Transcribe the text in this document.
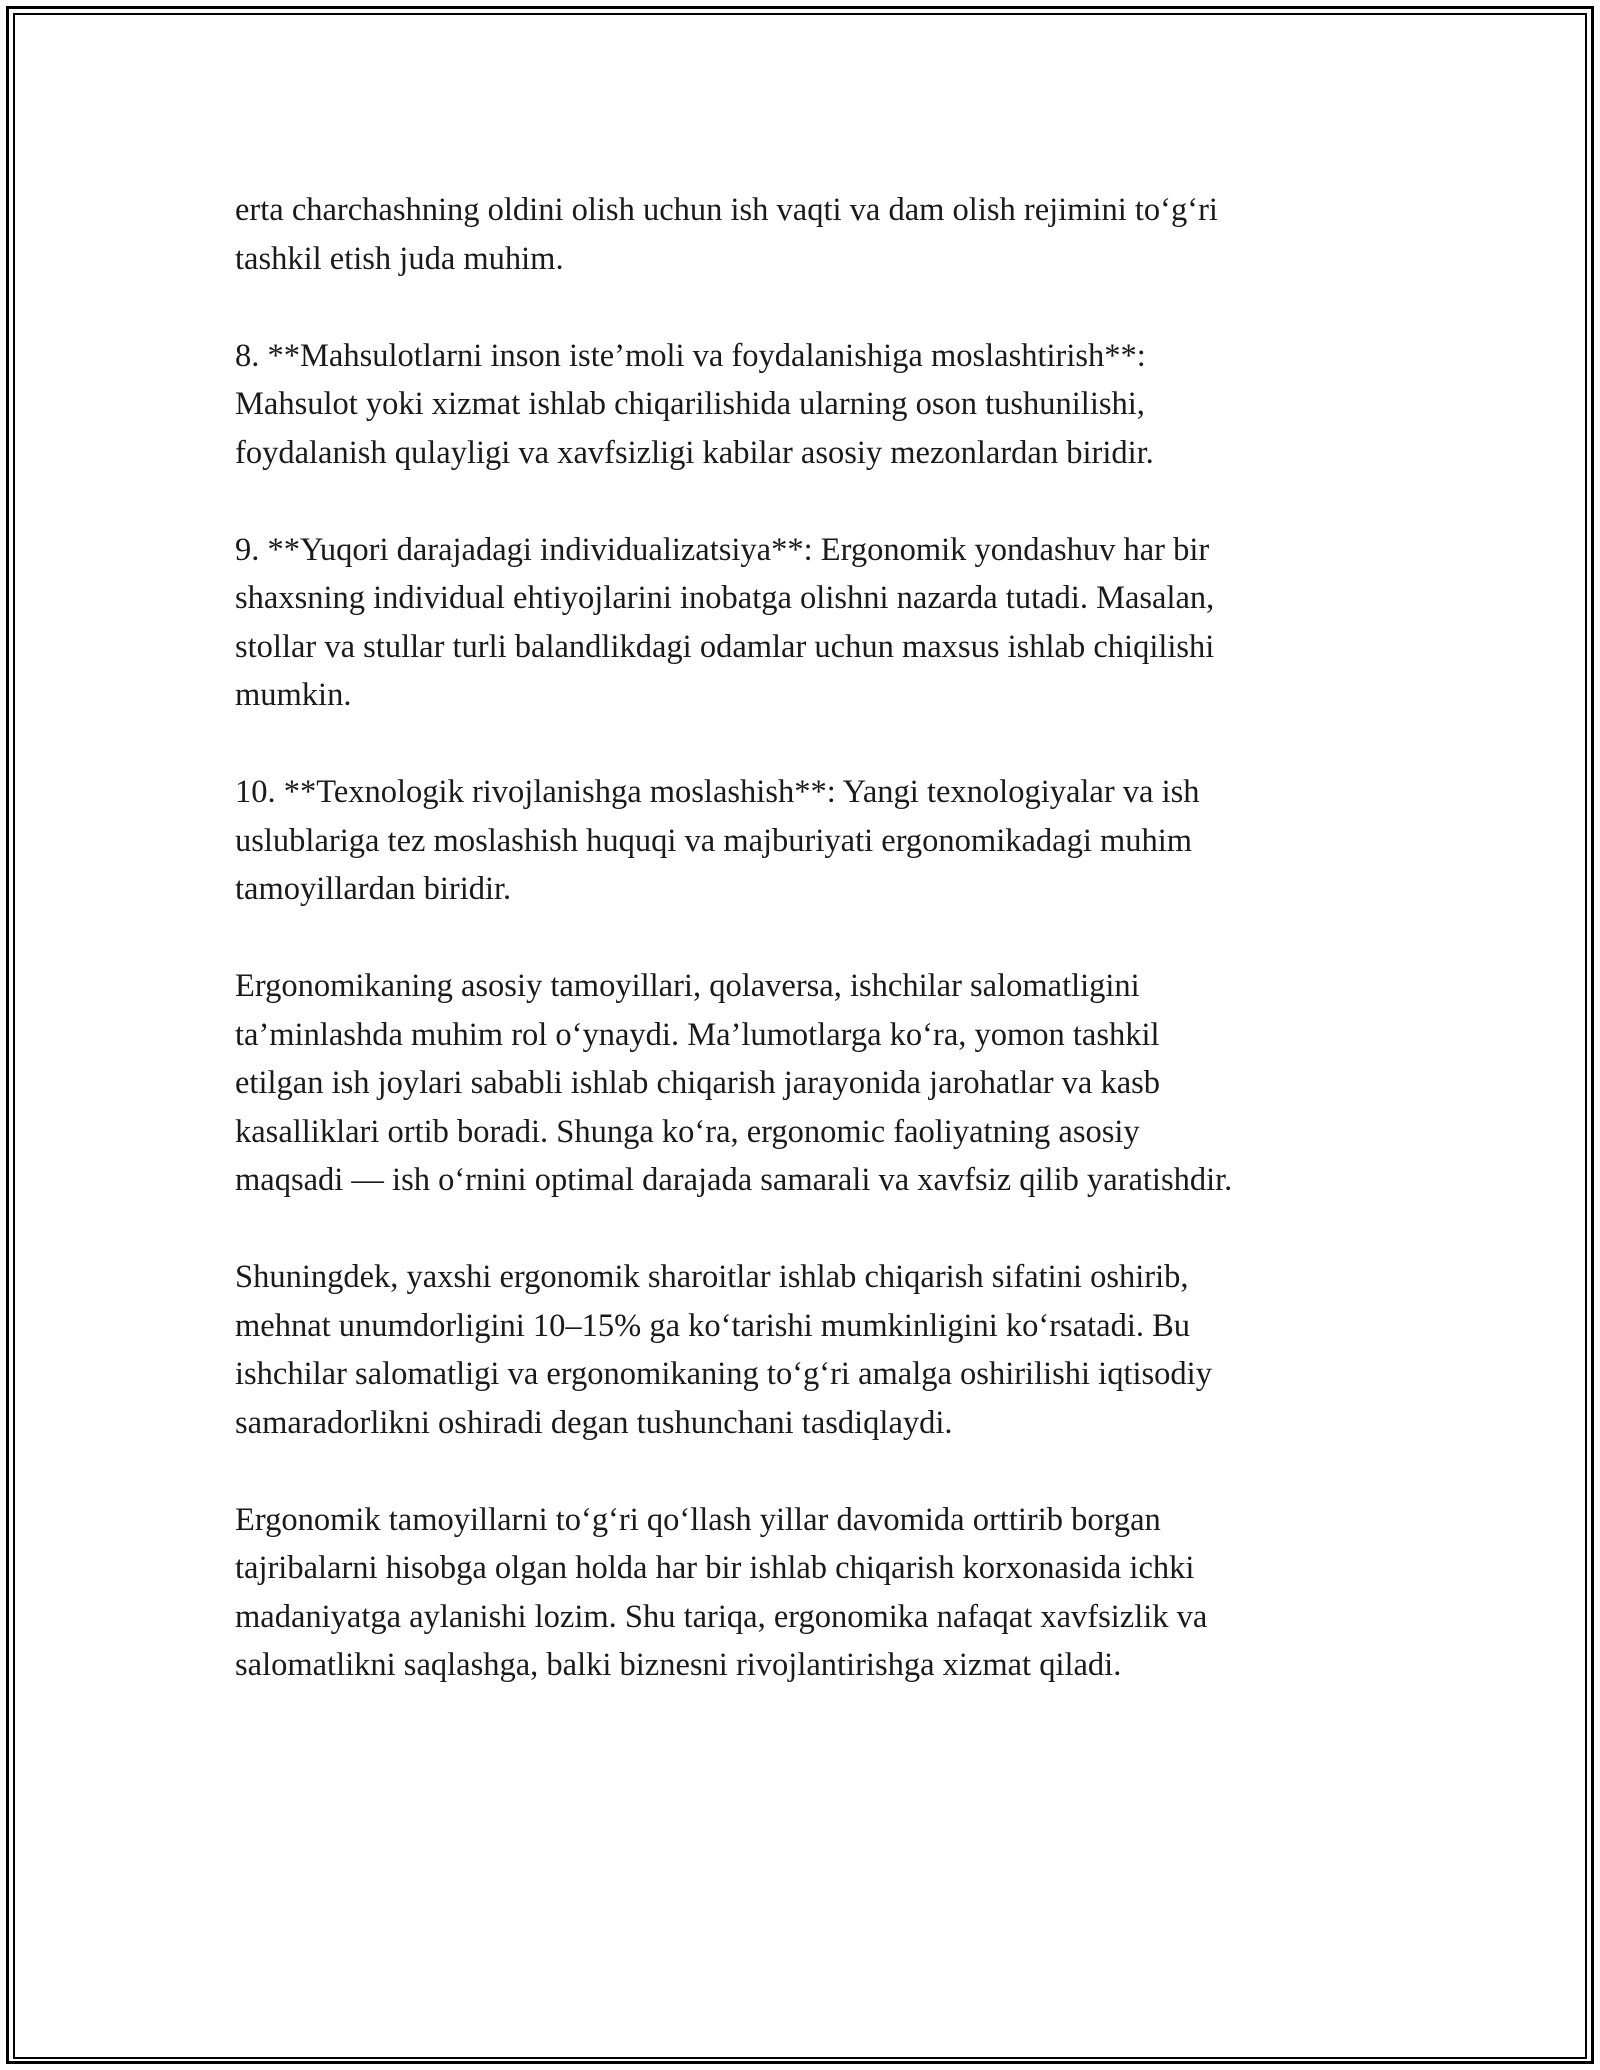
erta charchashning oldini olish uchun ish vaqti va dam olish rejimini to‘g‘ri
tashkil etish juda muhim.

8. **Mahsulotlarni inson iste’moli va foydalanishiga moslashtirish**:
Mahsulot yoki xizmat ishlab chiqarilishida ularning oson tushunilishi,
foydalanish qulayligi va xavfsizligi kabilar asosiy mezonlardan biridir.

9. **Yuqori darajadagi individualizatsiya**: Ergonomik yondashuv har bir
shaxsning individual ehtiyojlarini inobatga olishni nazarda tutadi. Masalan,
stollar va stullar turli balandlikdagi odamlar uchun maxsus ishlab chiqilishi
mumkin.

10. **Texnologik rivojlanishga moslashish**: Yangi texnologiyalar va ish
uslublariga tez moslashish huquqi va majburiyati ergonomikadagi muhim
tamoyillardan biridir.

Ergonomikaning asosiy tamoyillari, qolaversa, ishchilar salomatligini
ta’minlashda muhim rol o‘ynaydi. Ma’lumotlarga ko‘ra, yomon tashkil
etilgan ish joylari sababli ishlab chiqarish jarayonida jarohatlar va kasb
kasalliklari ortib boradi. Shunga ko‘ra, ergonomic faoliyatning asosiy
maqsadi — ish o‘rnini optimal darajada samarali va xavfsiz qilib yaratishdir.

Shuningdek, yaxshi ergonomik sharoitlar ishlab chiqarish sifatini oshirib,
mehnat unumdorligini 10–15% ga ko‘tarishi mumkinligini ko‘rsatadi. Bu
ishchilar salomatligi va ergonomikaning to‘g‘ri amalga oshirilishi iqtisodiy
samaradorlikni oshiradi degan tushunchani tasdiqlaydi.

Ergonomik tamoyillarni to‘g‘ri qo‘llash yillar davomida orttirib borgan
tajribalarni hisobga olgan holda har bir ishlab chiqarish korxonasida ichki
madaniyatga aylanishi lozim. Shu tariqa, ergonomika nafaqat xavfsizlik va
salomatlikni saqlashga, balki biznesni rivojlantirishga xizmat qiladi.
